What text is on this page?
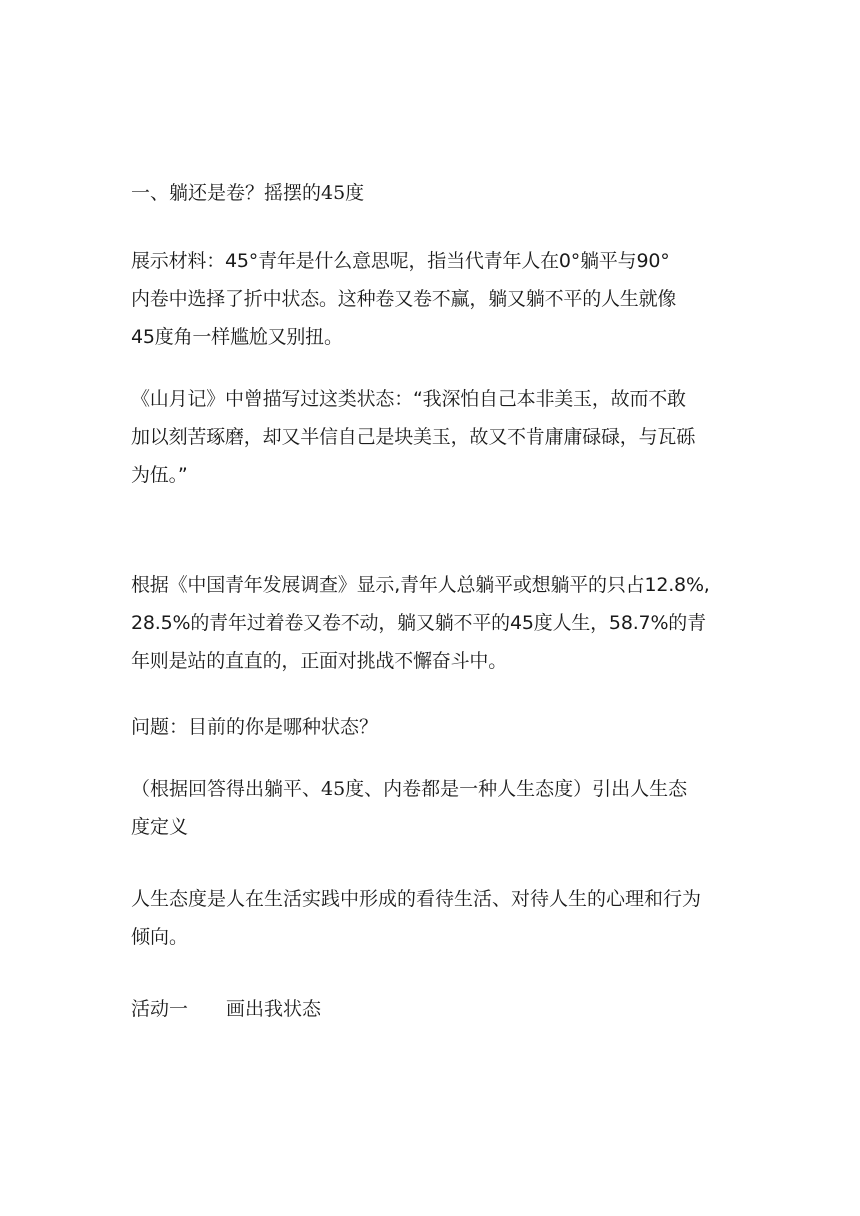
一、躺还是卷？摇摆的45度

展示材料：45°青年是什么意思呢，指当代青年人在0°躺平与90°
内卷中选择了折中状态。这种卷又卷不赢，躺又躺不平的人生就像
45度角一样尴尬又别扭。

《山月记》中曾描写过这类状态：“我深怕自己本非美玉，故而不敢
加以刻苦琢磨，却又半信自己是块美玉，故又不肯庸庸碌碌，与瓦砾
为伍。”

根据《中国青年发展调查》显示,青年人总躺平或想躺平的只占12.8%,
28.5%的青年过着卷又卷不动，躺又躺不平的45度人生，58.7%的青
年则是站的直直的，正面对挑战不懈奋斗中。

问题：目前的你是哪种状态？

（根据回答得出躺平、45度、内卷都是一种人生态度）引出人生态
度定义

人生态度是人在生活实践中形成的看待生活、对待人生的心理和行为
倾向。

活动一　　画出我状态
